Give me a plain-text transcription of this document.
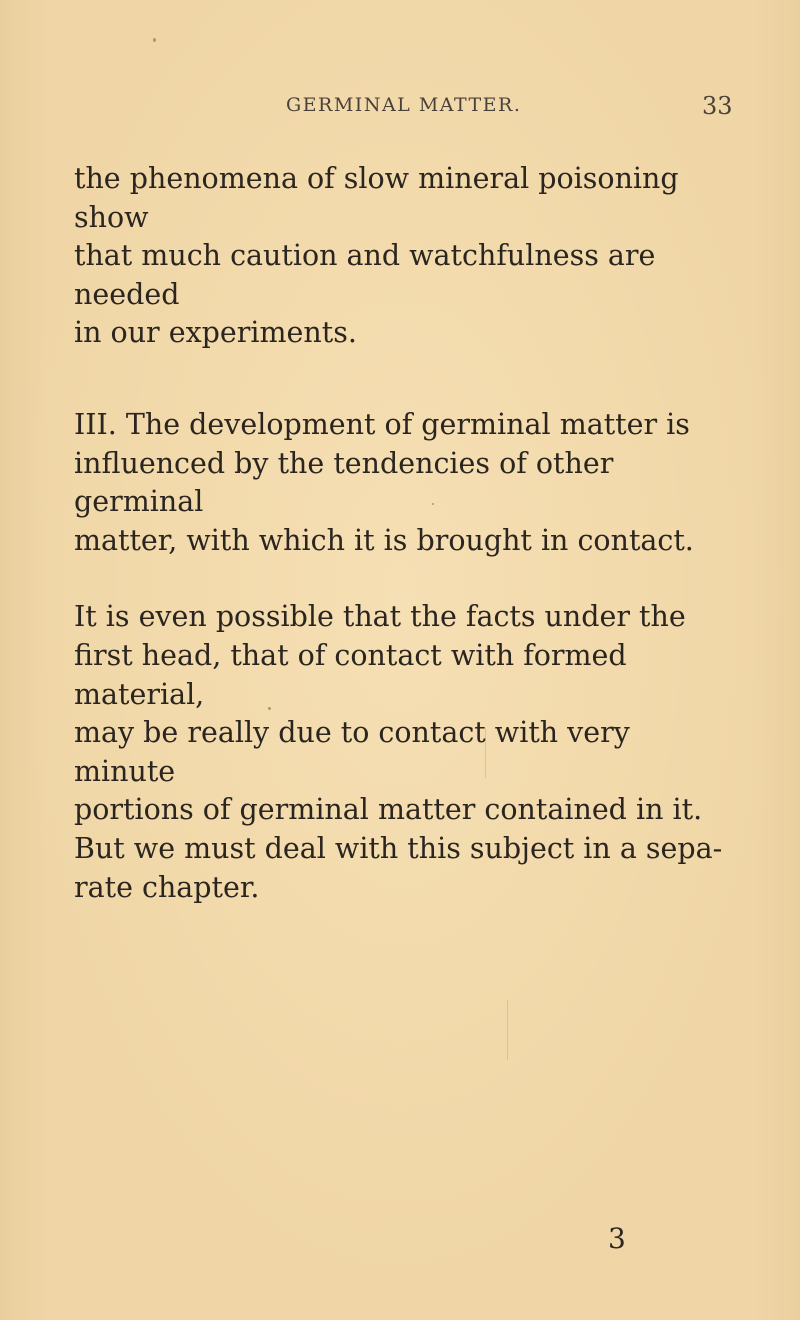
GERMINAL MATTER.	33

the phenomena of slow mineral poisoning show
that much caution and watchfulness are needed
in our experiments.

III. The development of germinal matter is
influenced by the tendencies of other germinal
matter, with which it is brought in contact.

It is even possible that the facts under the
first head, that of contact with formed material,
may be really due to contact with very minute
portions of germinal matter contained in it.

But we must deal with this subject in a sepa-
rate chapter.

3
